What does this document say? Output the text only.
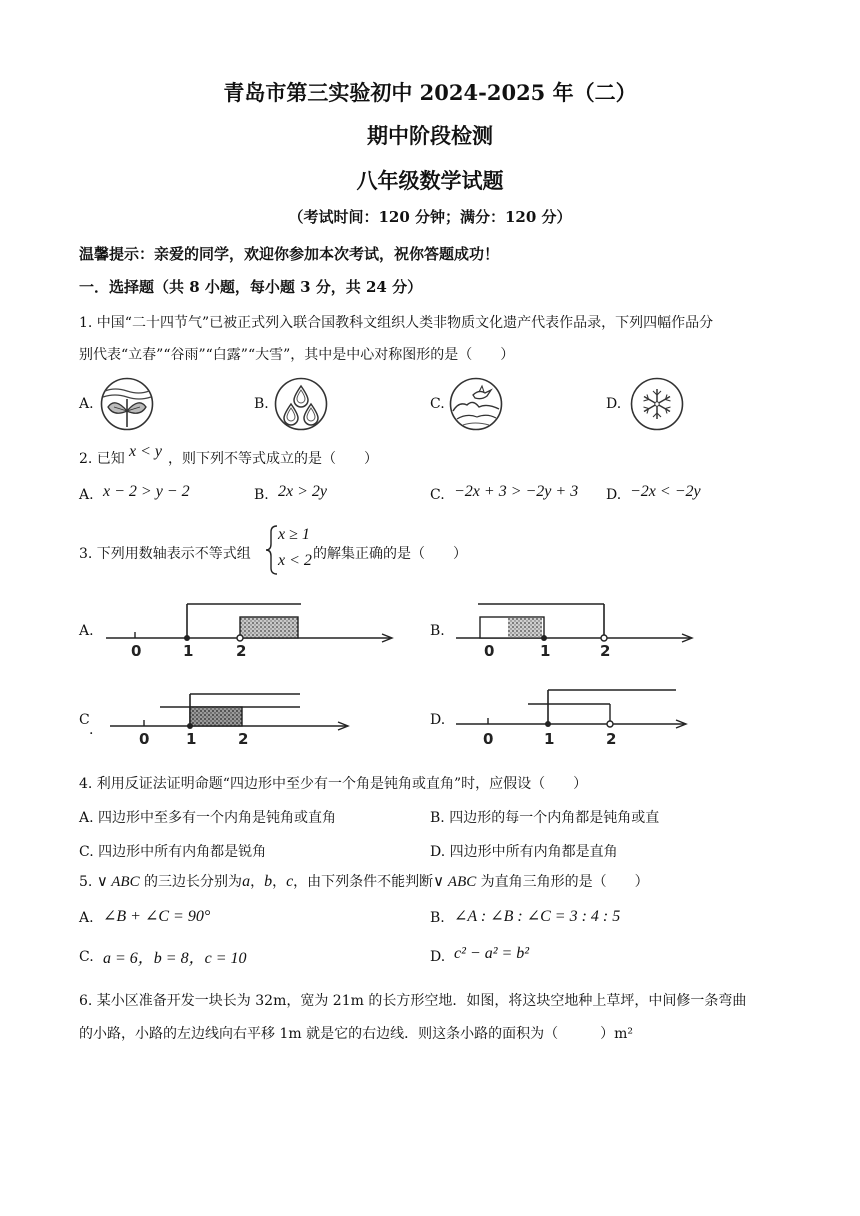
青岛市第三实验初中 2024-2025 年（二）
期中阶段检测
八年级数学试题
（考试时间：120 分钟；满分：120 分）
温馨提示：亲爱的同学，欢迎你参加本次考试，祝你答题成功！
一．选择题（共 8 小题，每小题 3 分，共 24 分）
1. 中国“二十四节气”已被正式列入联合国教科文组织人类非物质文化遗产代表作品录，下列四幅作品分
别代表“立春”“谷雨”“白露”“大雪”，其中是中心对称图形的是（　　）
A.	B.	C.	D.
2. 已知 x < y ，则下列不等式成立的是（　　）
A. x − 2 > y − 2	B. 2x > 2y	C. −2x + 3 > −2y + 3 D. −2x < −2y
3. 下列用数轴表示不等式组
x ≥ 1
x < 2 的解集正确的是（　　）
A.
0	1	2
B.
0	1	2
C
.	0 1	2
D.
0	1	2
4. 利用反证法证明命题“四边形中至少有一个角是钝角或直角”时，应假设（　　）
A. 四边形中至多有一个内角是钝角或直角	B. 四边形的每一个内角都是钝角或直
C. 四边形中所有内角都是锐角	D. 四边形中所有内角都是直角
5. ∨ ABC 的三边长分别为a，b，c，由下列条件不能判断∨ ABC 为直角三角形的是（　　）
A. ∠B + ∠C = 90°	B. ∠A : ∠B : ∠C = 3 : 4 : 5
C. a = 6，b = 8，c = 10	D. c² − a² = b²
6. 某小区准备开发一块长为 32m，宽为 21m 的长方形空地．如图，将这块空地种上草坪，中间修一条弯曲
的小路，小路的左边线向右平移 1m 就是它的右边线．则这条小路的面积为（　　　）m²
